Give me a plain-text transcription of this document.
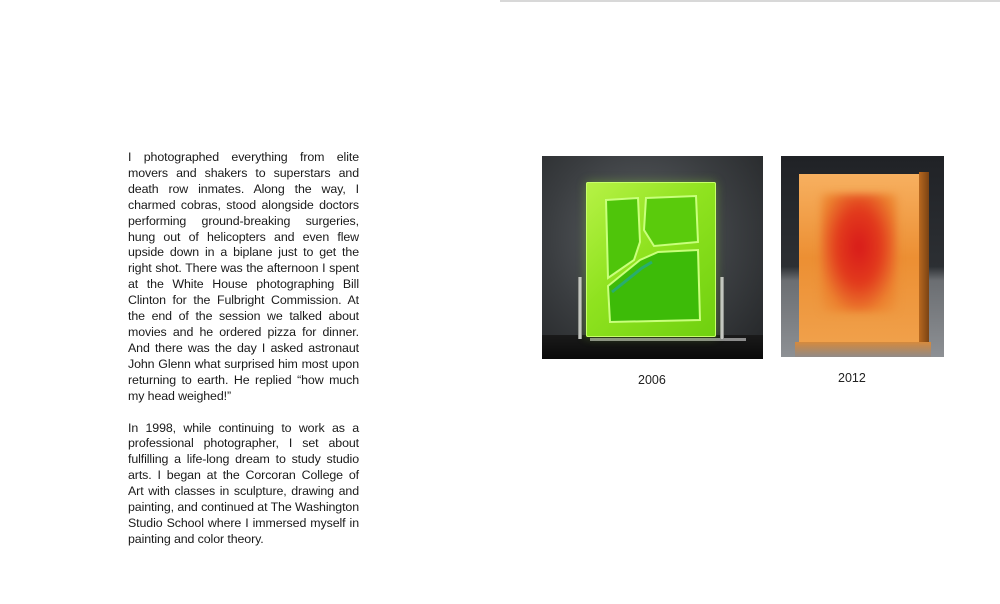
I photographed everything from elite movers and shakers to superstars and death row inmates. Along the way, I charmed cobras, stood alongside doctors performing ground-breaking surgeries, hung out of helicopters and even flew upside down in a biplane just to get the right shot. There was the afternoon I spent at the White House photographing Bill Clinton for the Fulbright Commission. At the end of the session we talked about movies and he ordered pizza for dinner. And there was the day I asked astronaut John Glenn what surprised him most upon returning to earth. He replied “how much my head weighed!”

In 1998, while continuing to work as a professional photographer, I set about fulfilling a life-long dream to study studio arts. I began at the Corcoran College of Art with classes in sculpture, drawing and painting, and continued at The Washington Studio School where I immersed myself in painting and color theory.

2006	2012
